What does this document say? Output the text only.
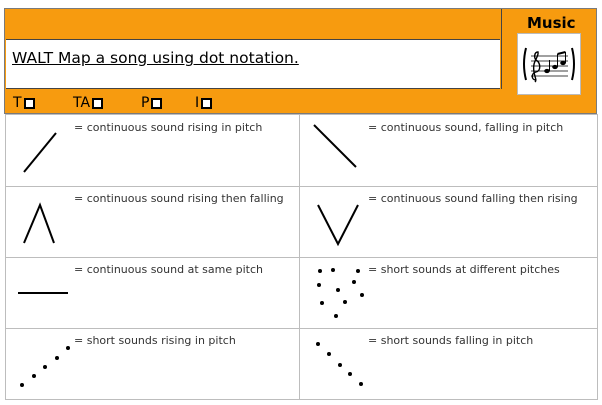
Music
WALT Map a song using dot notation.
T	TA	P	I
= continuous sound rising in pitch	= continuous sound, falling in pitch
= continuous sound rising then falling	= continuous sound falling then rising
= continuous sound at same pitch	= short sounds at different pitches
= short sounds rising in pitch	= short sounds falling in pitch
